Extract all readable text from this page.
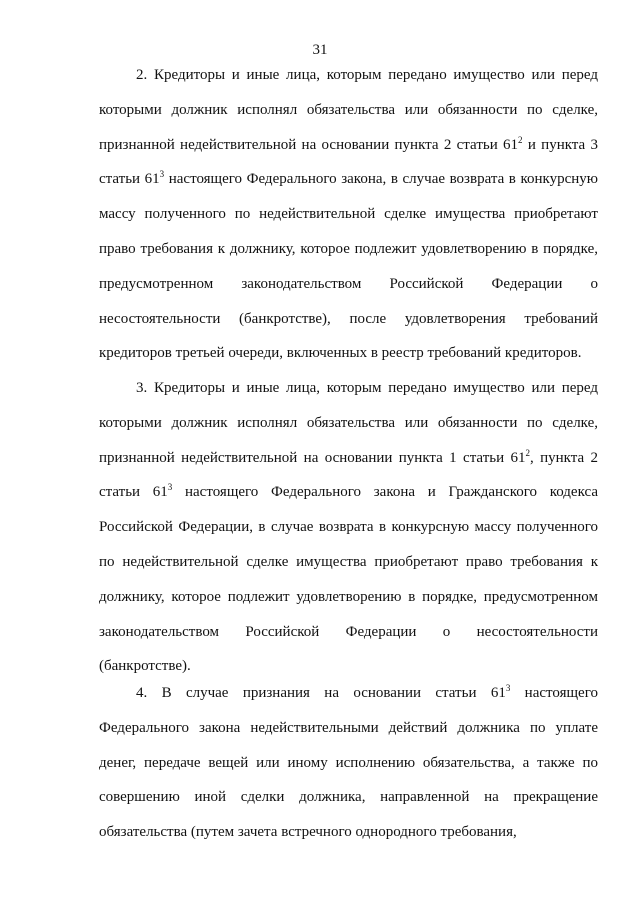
31
2. Кредиторы и иные лица, которым передано имущество или перед
которыми должник исполнял обязательства или обязанности по сделке,
признанной недействительной на основании пункта 2 статьи $61^2$ и пункта 3
статьи $61^3$ настоящего Федерального закона, в случае возврата в конкурсную
массу полученного по недействительной сделке имущества приобретают
право требования к должнику, которое подлежит удовлетворению в порядке,
предусмотренном законодательством Российской Федерации о
несостоятельности (банкротстве), после удовлетворения требований
кредиторов третьей очереди, включенных в реестр требований кредиторов.
3. Кредиторы и иные лица, которым передано имущество или перед
которыми должник исполнял обязательства или обязанности по сделке,
признанной недействительной на основании пункта 1 статьи $61^2$, пункта 2
статьи $61^3$ настоящего Федерального закона и Гражданского кодекса
Российской Федерации, в случае возврата в конкурсную массу полученного
по недействительной сделке имущества приобретают право требования к
должнику, которое подлежит удовлетворению в порядке, предусмотренном
законодательством Российской Федерации о несостоятельности
(банкротстве).
4. В случае признания на основании статьи $61^3$ настоящего
Федерального закона недействительными действий должника по уплате
денег, передаче вещей или иному исполнению обязательства, а также по
совершению иной сделки должника, направленной на прекращение
обязательства (путем зачета встречного однородного требования,
